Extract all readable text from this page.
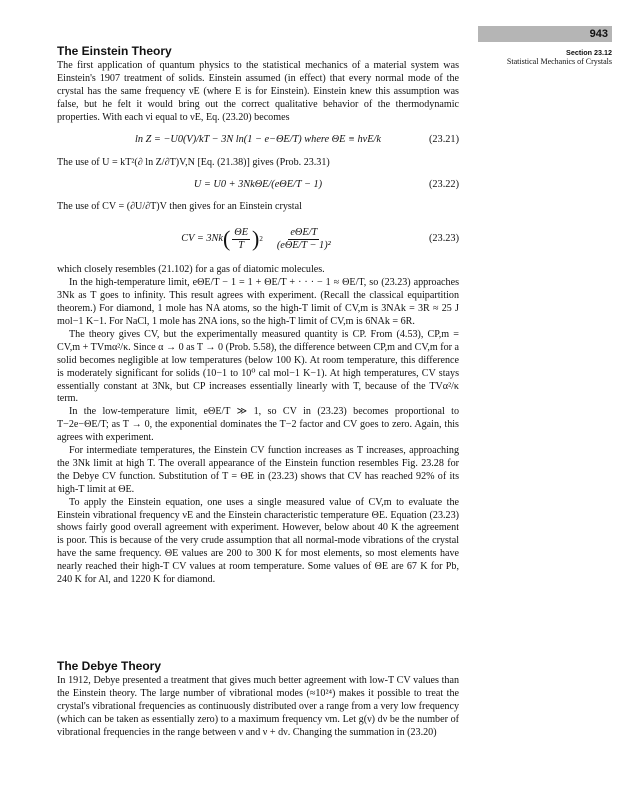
943
Section 23.12
Statistical Mechanics of Crystals
The Einstein Theory

The first application of quantum physics to the statistical mechanics of a material system was Einstein's 1907 treatment of solids. Einstein assumed (in effect) that every normal mode of the crystal has the same frequency νE (where E is for Einstein). Einstein knew this assumption was false, but he felt it would bring out the correct qualitative behavior of the thermodynamic properties. With each νi equal to νE, Eq. (23.20) becomes

ln Z = −U0(V)/kT − 3N ln(1 − e−ΘE/T) where ΘE ≡ hνE/k	(23.21)

The use of U = kT²(∂ ln Z/∂T)V,N [Eq. (21.38)] gives (Prob. 23.31)

U = U0 + 3NkΘE/(eΘE/T − 1)	(23.22)

The use of CV = (∂U/∂T)V then gives for an Einstein crystal

CV = 3Nk ( $\frac{\Theta E}{T}$ ) $2 \frac{\text{eΘE/T}}{\text{(eΘE/T − 1)²}}$	(23.23)

which closely resembles (21.102) for a gas of diatomic molecules.

In the high-temperature limit, eΘE/T − 1 = 1 + ΘE/T + · · · − 1 ≈ ΘE/T, so (23.23) approaches 3Nk as T goes to infinity. This result agrees with experiment. (Recall the classical equipartition theorem.) For diamond, 1 mole has NA atoms, so the high-T limit of CV,m is 3NAk = 3R ≈ 25 J mol−1 K−1. For NaCl, 1 mole has 2NA ions, so the high-T limit of CV,m is 6NAk = 6R.

The theory gives CV, but the experimentally measured quantity is CP. From (4.53), CP,m = CV,m + TVmα²/κ. Since α → 0 as T → 0 (Prob. 5.58), the difference between CP,m and CV,m for a solid becomes negligible at low temperatures (below 100 K). At room temperature, this difference is moderately significant for solids (10−1 to 10⁰ cal mol−1 K−1). At high temperatures, CV stays essentially constant at 3Nk, but CP increases essentially linearly with T, because of the TVα²/κ term.

In the low-temperature limit, eΘE/T ≫ 1, so CV in (23.23) becomes proportional to T−2e−ΘE/T; as T → 0, the exponential dominates the T−2 factor and CV goes to zero. Again, this agrees with experiment.

For intermediate temperatures, the Einstein CV function increases as T increases, approaching the 3Nk limit at high T. The overall appearance of the Einstein function resembles Fig. 23.28 for the Debye CV function. Substitution of T = ΘE in (23.23) shows that CV has reached 92% of its high-T limit at ΘE.

To apply the Einstein equation, one uses a single measured value of CV,m to evaluate the Einstein vibrational frequency νE and the Einstein characteristic temperature ΘE. Equation (23.23) shows fairly good overall agreement with experiment. However, below about 40 K the agreement is poor. This is because of the very crude assumption that all normal-mode vibrations of the crystal have the same frequency. ΘE values are 200 to 300 K for most elements, so most elements have nearly reached their high-T CV values at room temperature. Some values of ΘE are 67 K for Pb, 240 K for Al, and 1220 K for diamond.

The Debye Theory

In 1912, Debye presented a treatment that gives much better agreement with low-T CV values than the Einstein theory. The large number of vibrational modes (≈10²⁴) makes it possible to treat the crystal's vibrational frequencies as continuously distributed over a range from a very low frequency (which can be taken as essentially zero) to a maximum frequency νm. Let g(ν) dν be the number of vibrational frequencies in the range between ν and ν + dν. Changing the summation in (23.20)
